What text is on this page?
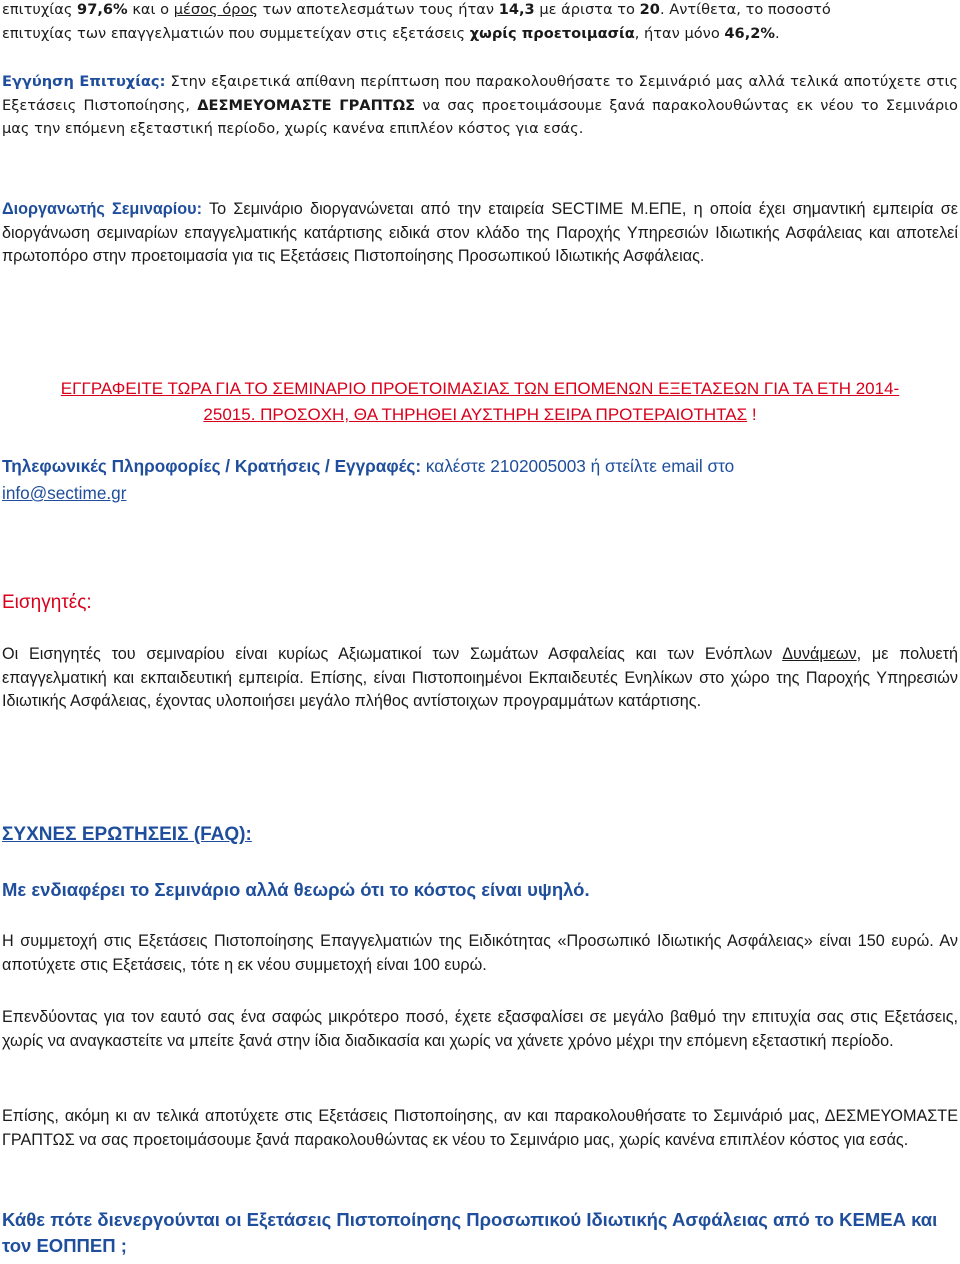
επιτυχίας 97,6% και ο μέσος όρος των αποτελεσμάτων τους ήταν 14,3 με άριστα το 20. Αντίθετα, το ποσοστό
επιτυχίας των επαγγελματιών που συμμετείχαν στις εξετάσεις χωρίς προετοιμασία, ήταν μόνο 46,2%.

Εγγύηση Επιτυχίας: Στην εξαιρετικά απίθανη περίπτωση που παρακολουθήσατε το Σεμινάριό μας αλλά τελικά αποτύχετε στις Εξετάσεις Πιστοποίησης, ΔΕΣΜΕΥΟΜΑΣΤΕ ΓΡΑΠΤΩΣ να σας προετοιμάσουμε ξανά παρακολουθώντας εκ νέου το Σεμινάριο μας την επόμενη εξεταστική περίοδο, χωρίς κανένα επιπλέον κόστος για εσάς.

Διοργανωτής Σεμιναρίου: Το Σεμινάριο διοργανώνεται από την εταιρεία SECTIME Μ.ΕΠΕ, η οποία έχει σημαντική εμπειρία σε διοργάνωση σεμιναρίων επαγγελματικής κατάρτισης ειδικά στον κλάδο της Παροχής Υπηρεσιών Ιδιωτικής Ασφάλειας και αποτελεί πρωτοπόρο στην προετοιμασία για τις Εξετάσεις Πιστοποίησης Προσωπικού Ιδιωτικής Ασφάλειας.

ΕΓΓΡΑΦΕΙΤΕ ΤΩΡΑ ΓΙΑ ΤΟ ΣΕΜΙΝΑΡΙΟ ΠΡΟΕΤΟΙΜΑΣΙΑΣ ΤΩΝ ΕΠΟΜΕΝΩΝ ΕΞΕΤΑΣΕΩΝ ΓΙΑ ΤΑ ΕΤΗ 2014-
25015. ΠΡΟΣΟΧΗ, ΘΑ ΤΗΡΗΘΕΙ ΑΥΣΤΗΡΗ ΣΕΙΡΑ ΠΡΟΤΕΡΑΙΟΤΗΤΑΣ !

Τηλεφωνικές Πληροφορίες / Κρατήσεις / Εγγραφές: καλέστε 2102005003 ή στείλτε email στο
info@sectime.gr

Εισηγητές:

Οι Εισηγητές του σεμιναρίου είναι κυρίως Αξιωματικοί των Σωμάτων Ασφαλείας και των Ενόπλων Δυνάμεων, με πολυετή επαγγελματική και εκπαιδευτική εμπειρία. Επίσης, είναι Πιστοποιημένοι Εκπαιδευτές Ενηλίκων στο χώρο της Παροχής Υπηρεσιών Ιδιωτικής Ασφάλειας, έχοντας υλοποιήσει μεγάλο πλήθος αντίστοιχων προγραμμάτων κατάρτισης.

ΣΥΧΝΕΣ ΕΡΩΤΗΣΕΙΣ (FAQ):
Με ενδιαφέρει το Σεμινάριο αλλά θεωρώ ότι το κόστος είναι υψηλό.

Η συμμετοχή στις Εξετάσεις Πιστοποίησης Επαγγελματιών της Ειδικότητας «Προσωπικό Ιδιωτικής Ασφάλειας» είναι 150 ευρώ. Αν αποτύχετε στις Εξετάσεις, τότε η εκ νέου συμμετοχή είναι 100 ευρώ.

Επενδύοντας για τον εαυτό σας ένα σαφώς μικρότερο ποσό, έχετε εξασφαλίσει σε μεγάλο βαθμό την επιτυχία σας στις Εξετάσεις, χωρίς να αναγκαστείτε να μπείτε ξανά στην ίδια διαδικασία και χωρίς να χάνετε χρόνο μέχρι την επόμενη εξεταστική περίοδο.

Επίσης, ακόμη κι αν τελικά αποτύχετε στις Εξετάσεις Πιστοποίησης, αν και παρακολουθήσατε το Σεμινάριό μας, ΔΕΣΜΕΥΟΜΑΣΤΕ ΓΡΑΠΤΩΣ να σας προετοιμάσουμε ξανά παρακολουθώντας εκ νέου το Σεμινάριο μας, χωρίς κανένα επιπλέον κόστος για εσάς.

Κάθε πότε διενεργούνται οι Εξετάσεις Πιστοποίησης Προσωπικού Ιδιωτικής Ασφάλειας από το ΚΕΜΕΑ και τον ΕΟΠΠΕΠ ;
